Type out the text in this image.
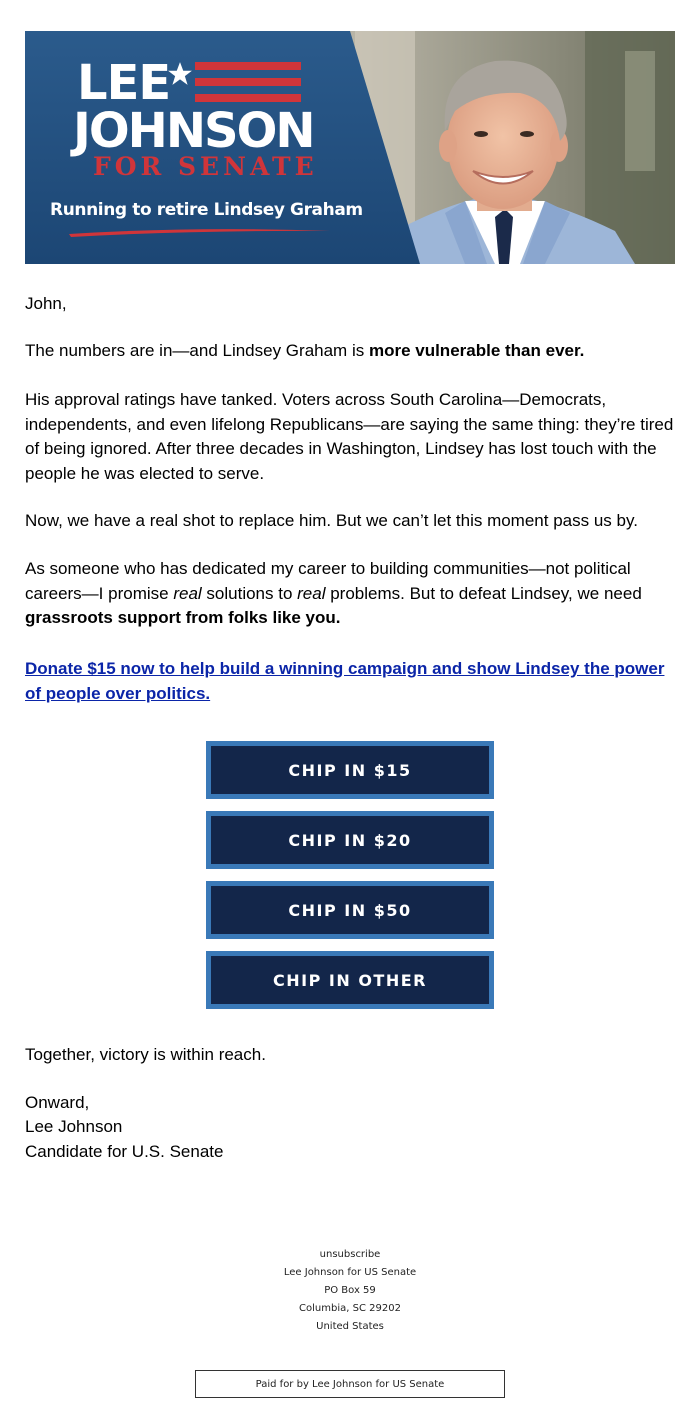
LEE
JOHNSON
FOR SENATE
Running to retire Lindsey Graham

John,

The numbers are in—and Lindsey Graham is more vulnerable than ever.

His approval ratings have tanked. Voters across South Carolina—Democrats, independents, and even lifelong Republicans—are saying the same thing: they’re tired of being ignored. After three decades in Washington, Lindsey has lost touch with the people he was elected to serve.

Now, we have a real shot to replace him. But we can’t let this moment pass us by.

As someone who has dedicated my career to building communities—not political careers—I promise real solutions to real problems. But to defeat Lindsey, we need grassroots support from folks like you.

Donate $15 now to help build a winning campaign and show Lindsey the power of people over politics.

CHIP IN $15
CHIP IN $20
CHIP IN $50
CHIP IN OTHER

Together, victory is within reach.

Onward,

Lee Johnson

Candidate for U.S. Senate

unsubscribe
Lee Johnson for US Senate
PO Box 59
Columbia, SC 29202
United States
Paid for by Lee Johnson for US Senate
